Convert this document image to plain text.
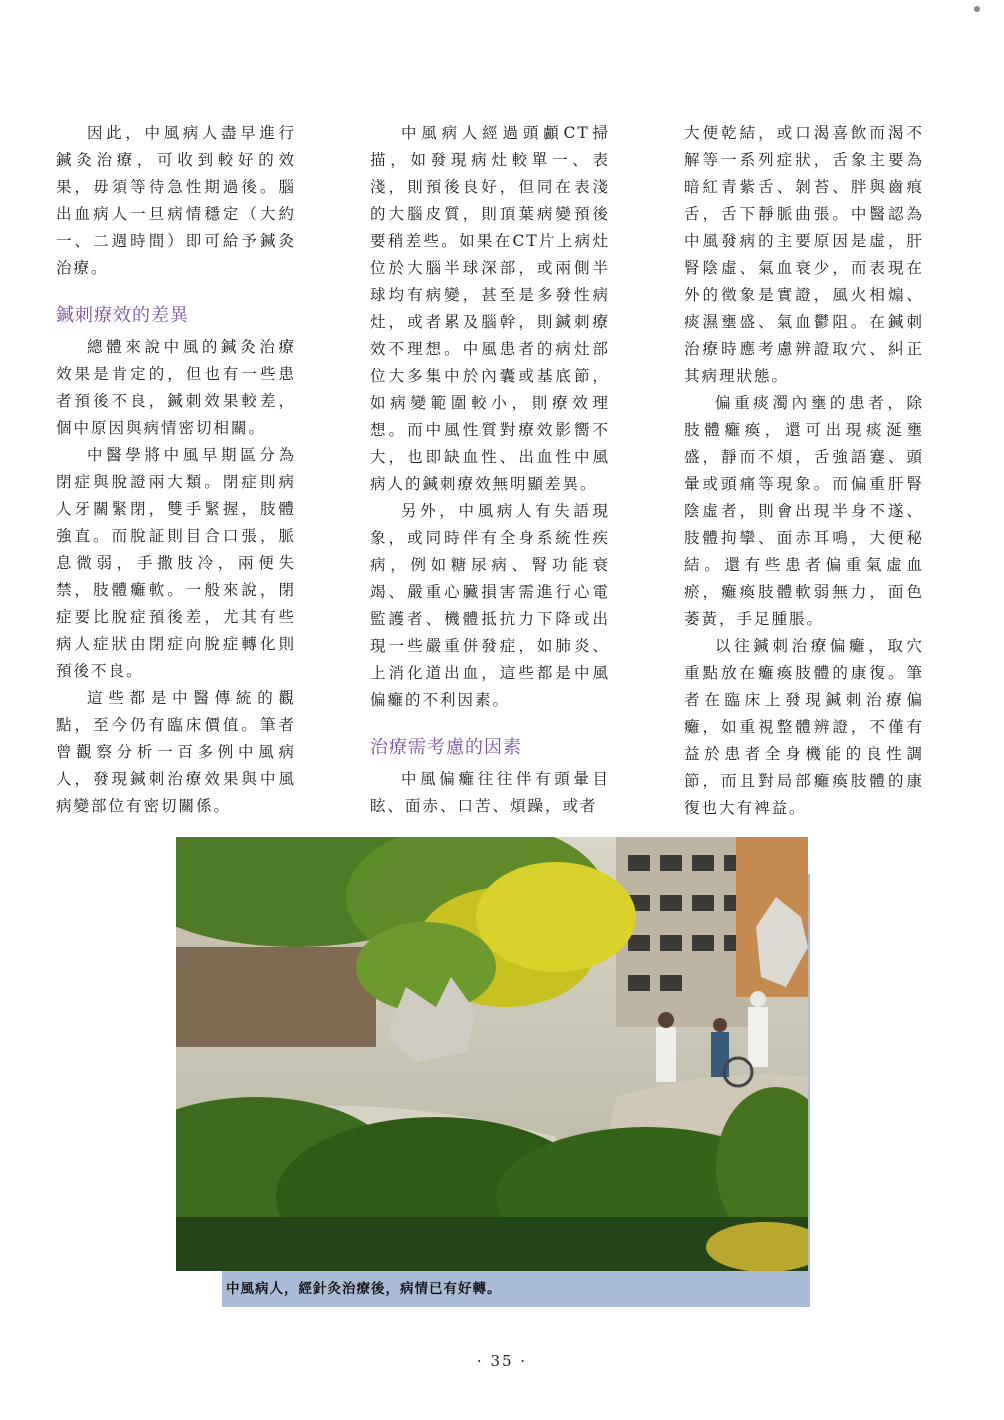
因此，中風病人盡早進行鍼灸治療，可收到較好的效果，毋須等待急性期過後。腦出血病人一旦病情穩定（大約一、二週時間）即可給予鍼灸治療。

鍼刺療效的差異

總體來說中風的鍼灸治療效果是肯定的，但也有一些患者預後不良，鍼刺效果較差，個中原因與病情密切相關。

中醫學將中風早期區分為閉症與脫證兩大類。閉症則病人牙關緊閉，雙手緊握，肢體強直。而脫証則目合口張，脈息微弱，手撒肢冷，兩便失禁，肢體癱軟。一般來說，閉症要比脫症預後差，尤其有些病人症狀由閉症向脫症轉化則預後不良。

這些都是中醫傳統的觀點，至今仍有臨床價值。筆者曾觀察分析一百多例中風病人，發現鍼刺治療效果與中風病變部位有密切關係。

中風病人經過頭顱CT掃描，如發現病灶較單一、表淺，則預後良好，但同在表淺的大腦皮質，則頂葉病變預後要稍差些。如果在CT片上病灶位於大腦半球深部，或兩側半球均有病變，甚至是多發性病灶，或者累及腦幹，則鍼刺療效不理想。中風患者的病灶部位大多集中於內囊或基底節，如病變範圍較小，則療效理想。而中風性質對療效影嚮不大，也即缺血性、出血性中風病人的鍼刺療效無明顯差異。

另外，中風病人有失語現象，或同時伴有全身系統性疾病，例如糖尿病、腎功能衰竭、嚴重心臟損害需進行心電監護者、機體抵抗力下降或出現一些嚴重併發症，如肺炎、上消化道出血，這些都是中風偏癱的不利因素。

治療需考慮的因素

中風偏癱往往伴有頭暈目眩、面赤、口苦、煩躁，或者

大便乾結，或口渴喜飲而渴不解等一系列症狀，舌象主要為暗紅青紫舌、剝苔、胖與齒痕舌，舌下靜脈曲張。中醫認為中風發病的主要原因是虛，肝腎陰虛、氣血衰少，而表現在外的徵象是實證，風火相煽、痰濕壅盛、氣血鬱阻。在鍼刺治療時應考慮辨證取穴、糾正其病理狀態。

偏重痰濁內壅的患者，除肢體癱瘓，還可出現痰涎壅盛，靜而不煩，舌強語蹇、頭暈或頭痛等現象。而偏重肝腎陰虛者，則會出現半身不遂、肢體拘攣、面赤耳鳴，大便秘結。還有些患者偏重氣虛血瘀，癱瘓肢體軟弱無力，面色萎黃，手足腫脹。

以往鍼刺治療偏癱，取穴重點放在癱瘓肢體的康復。筆者在臨床上發現鍼刺治療偏癱，如重視整體辨證，不僅有益於患者全身機能的良性調節，而且對局部癱瘓肢體的康復也大有裨益。

中風病人，經針灸治療後，病情已有好轉。
· 35 ·
